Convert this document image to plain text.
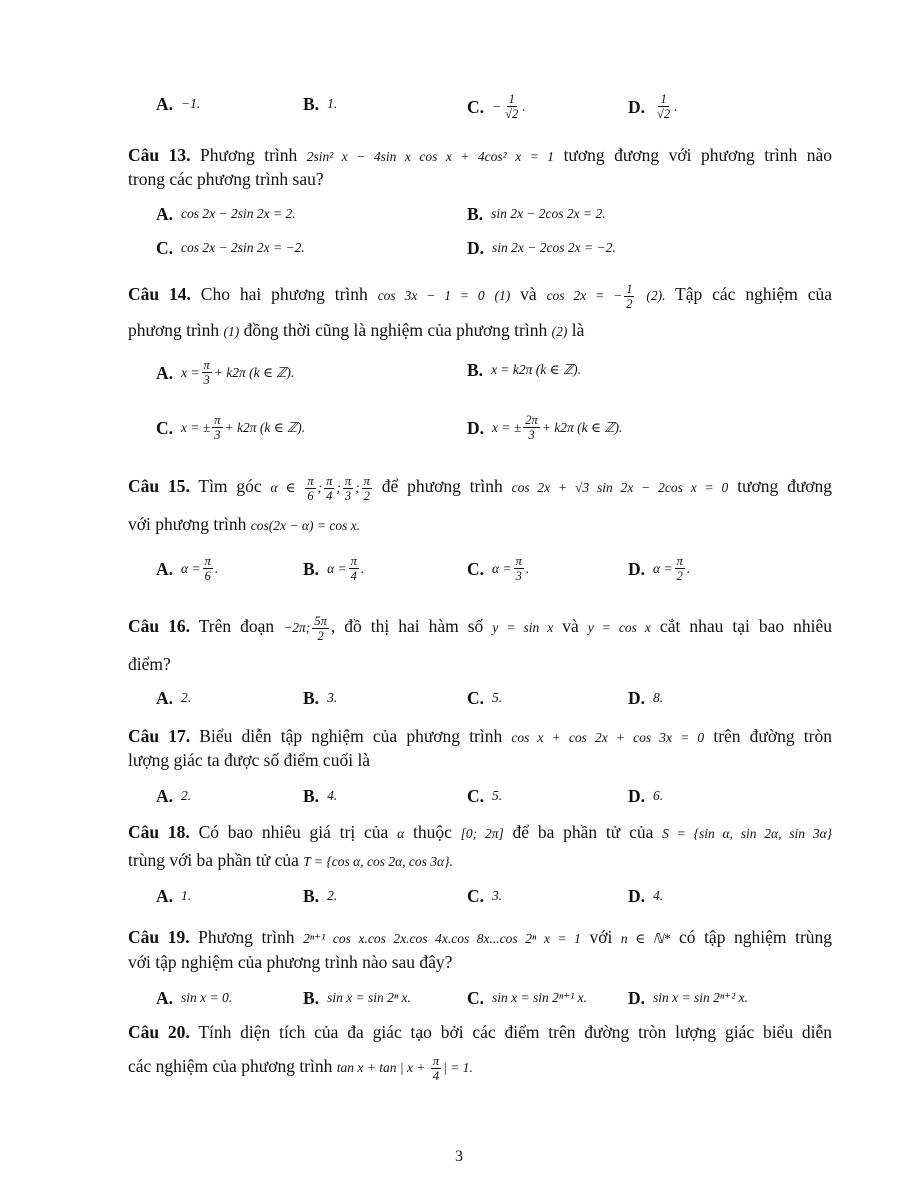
A. −1.	B. 1.	C. − $\frac{1}{√2}$ .	D. $\frac{1}{√2}$ .
Câu 13. Phương trình 2sin² x − 4sin x cos x + 4cos² x = 1 tương đương với phương trình nào
trong các phương trình sau?
A. cos 2x − 2sin 2x = 2.	B. sin 2x − 2cos 2x = 2.
C. cos 2x − 2sin 2x = −2.	D. sin 2x − 2cos 2x = −2.
Câu 14. Cho hai phương trình cos 3x − 1 = 0 (1) và cos 2x = − $\frac{1}{2} (2)$. Tập các nghiệm của
phương trình (1) đồng thời cũng là nghiệm của phương trình (2) là
A. $x = \frac{\pi}{3} + k2\pi$ (k ∈ ℤ).	B. x = k2π (k ∈ ℤ).
C. x = ± $\frac{\pi}{3} + k2\pi$ (k ∈ ℤ).	D. x = ± $\frac{2\pi}{3} + k2\pi$ (k ∈ ℤ).
Câu 15. Tìm góc α ∈ $\frac{\pi}{6}$ ; $\frac{\pi}{4}$ ; $\frac{\pi}{3}$ ; $\frac{\pi}{2}$ để phương trình cos 2x + √3 sin 2x − 2cos x = 0 tương đương
với phương trình cos(2x − α) = cos x.
A. $\alpha = \frac{\pi}{6}$ .	B. $\alpha = \frac{\pi}{4}$ .	C. $\alpha = \frac{\pi}{3}$ .	D. $\alpha = \frac{\pi}{2}$ .
Câu 16. Trên đoạn −2π; $\frac{5\pi}{2}$ , đồ thị hai hàm số y = sin x và y = cos x cắt nhau tại bao nhiêu
điểm?
A. 2.	B. 3.	C. 5.	D. 8.
Câu 17. Biểu diễn tập nghiệm của phương trình cos x + cos 2x + cos 3x = 0 trên đường tròn
lượng giác ta được số điểm cuối là
A. 2.	B. 4.	C. 5.	D. 6.
Câu 18. Có bao nhiêu giá trị của α thuộc [0; 2π] để ba phần tử của S = {sin α, sin 2α, sin 3α}
trùng với ba phần tử của T = {cos α, cos 2α, cos 3α}.
A. 1.	B. 2.	C. 3.	D. 4.
Câu 19. Phương trình 2ⁿ⁺¹ cos x.cos 2x.cos 4x.cos 8x...cos 2ⁿ x = 1 với n ∈ ℕ* có tập nghiệm trùng
với tập nghiệm của phương trình nào sau đây?
A. sin x = 0.	B. sin x = sin 2ⁿ x.	C. sin x = sin 2ⁿ⁺¹ x. D. sin x = sin 2ⁿ⁺² x.
Câu 20. Tính diện tích của đa giác tạo bởi các điểm trên đường tròn lượng giác biểu diễn
các nghiệm của phương trình tan x + tan | $x + \frac{\pi}{4}$ | = 1.
3
